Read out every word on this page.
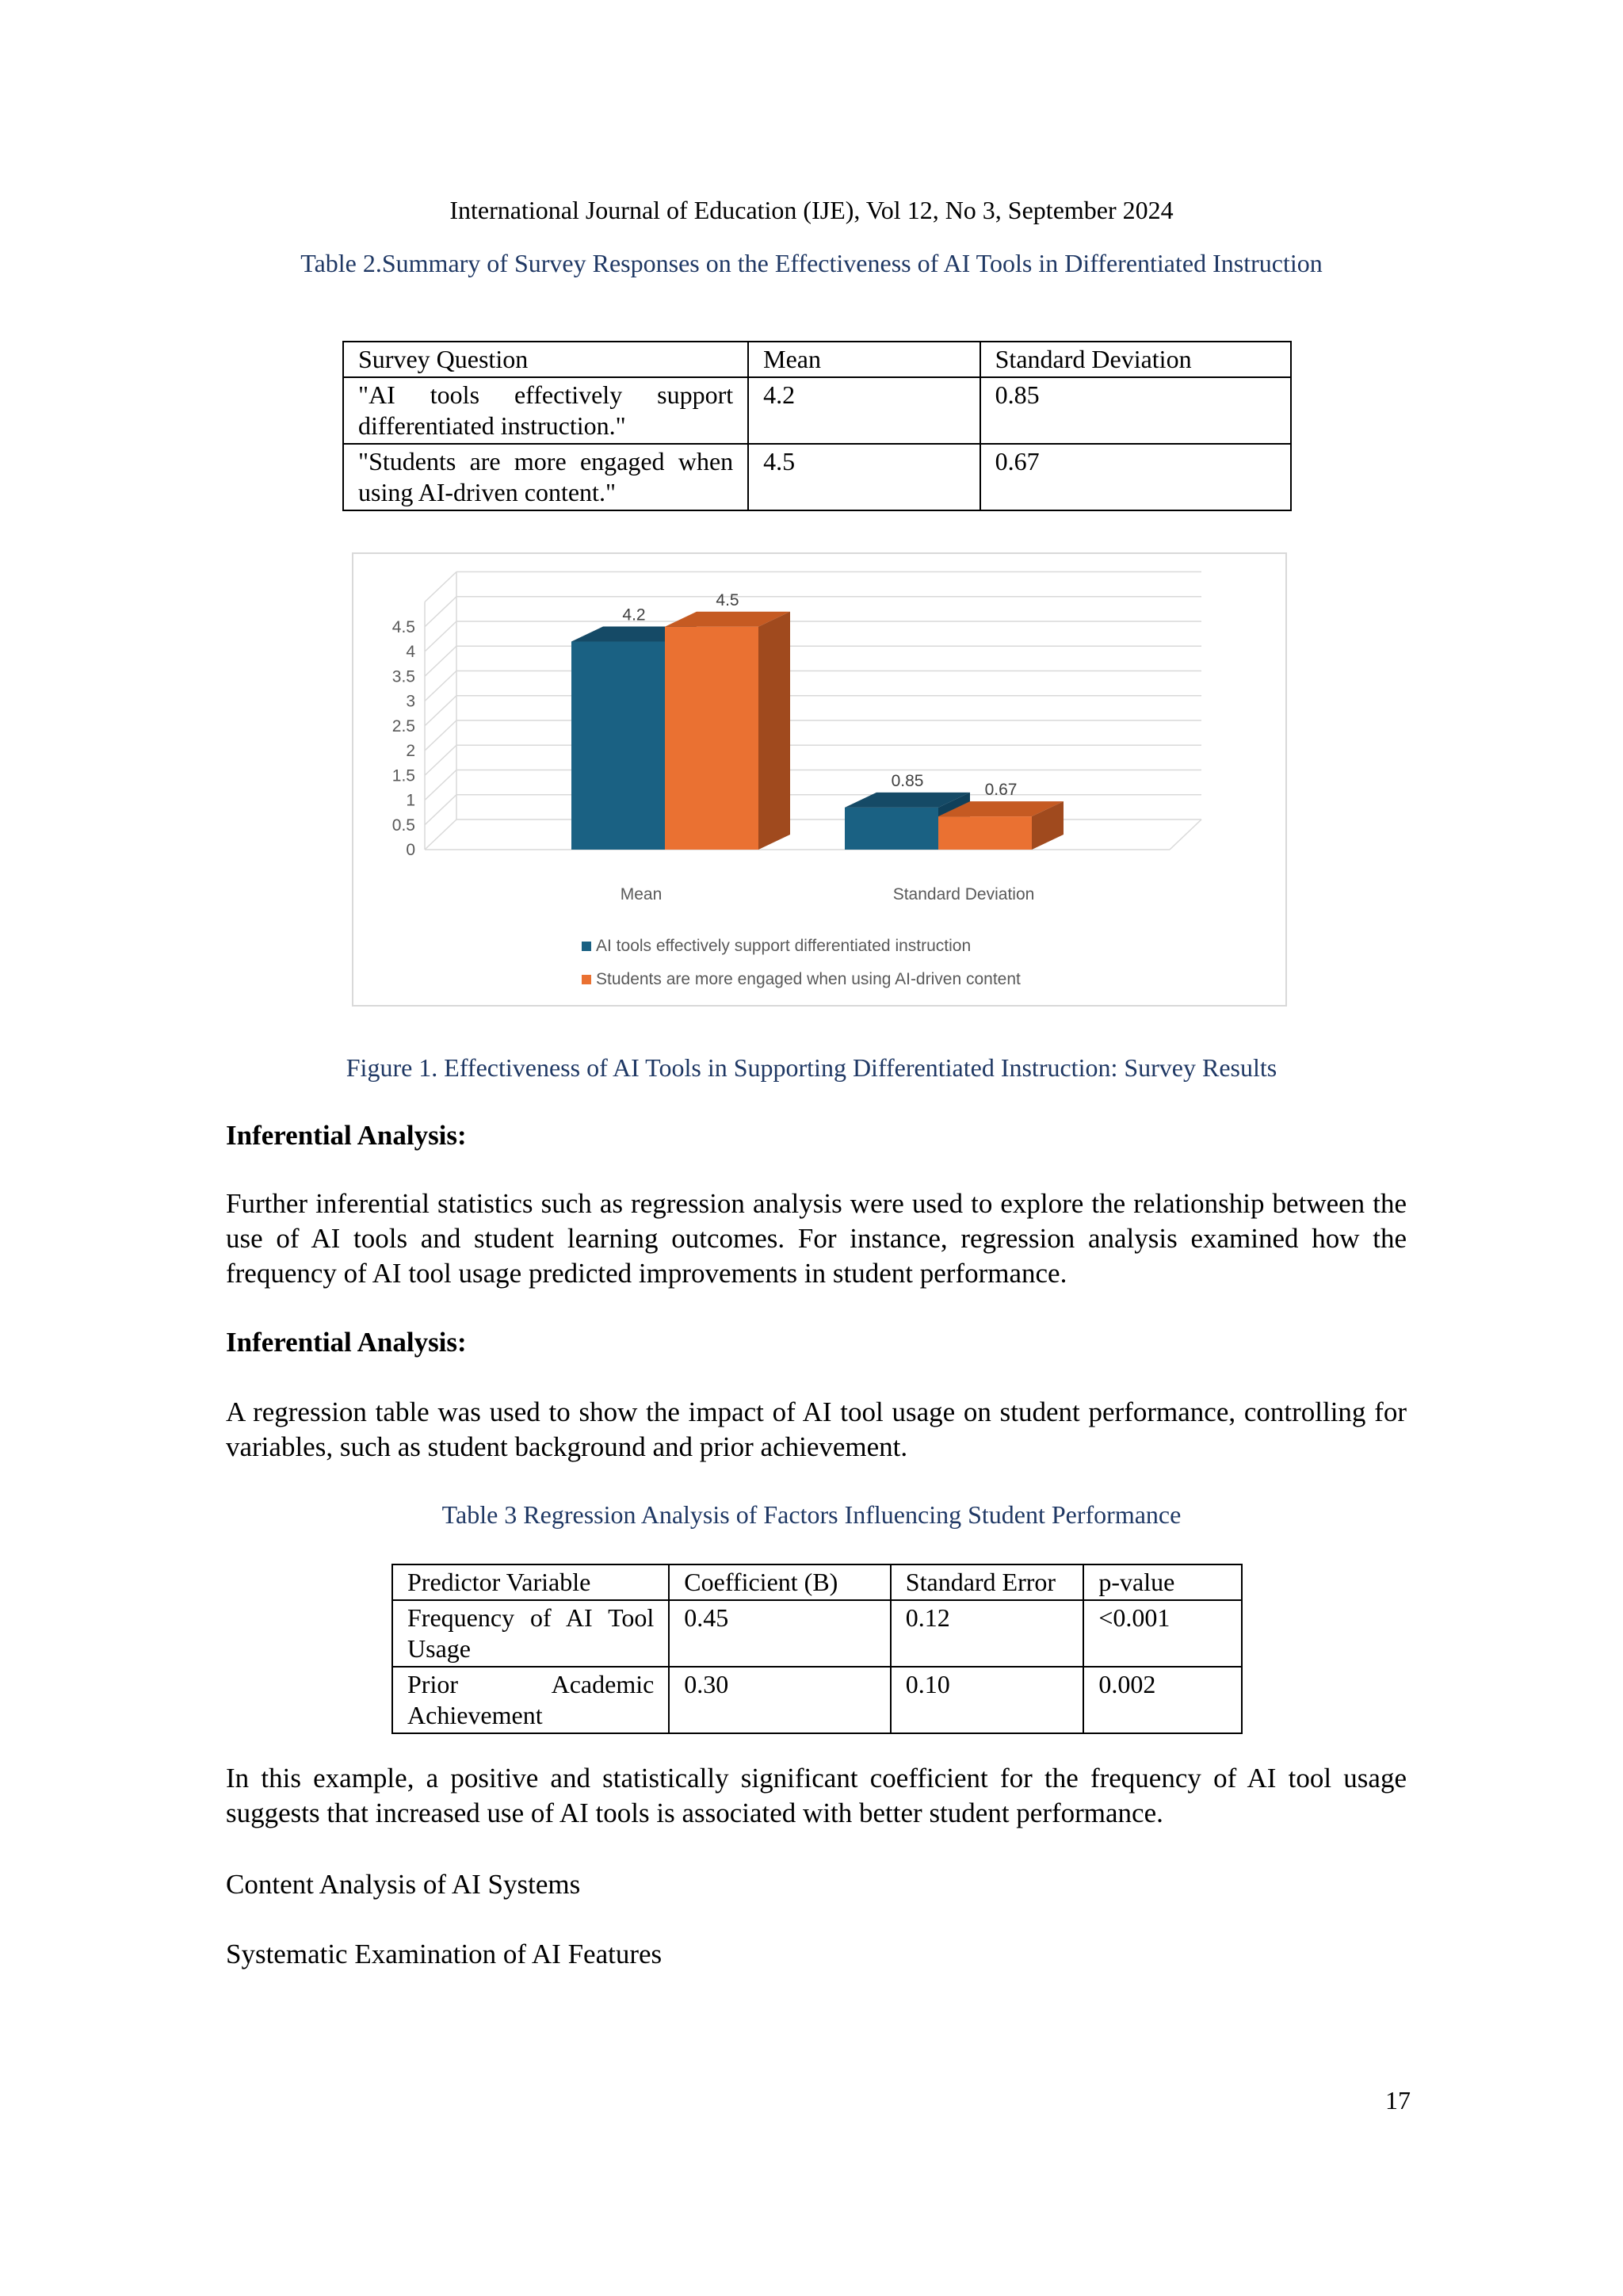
International Journal of Education (IJE), Vol 12, No 3, September 2024
Table 2.Summary of Survey Responses on the Effectiveness of AI Tools in Differentiated Instruction
Survey Question	Mean	Standard Deviation

"AI tools effectively support
differentiated instruction."	4.2	0.85

"Students are more engaged when
using AI-driven content."	4.5	0.67
0
0.5
1
1.5
2
2.5
3
3.5
4
4.5
4.2
0.85
4.5
0.67
Mean	Standard Deviation
AI tools effectively support differentiated instruction
Students are more engaged when using AI-driven content
Figure 1. Effectiveness of AI Tools in Supporting Differentiated Instruction: Survey Results
Inferential Analysis:
Further inferential statistics such as regression analysis were used to explore the relationship between the use of AI tools and student learning outcomes. For instance, regression analysis examined how the frequency of AI tool usage predicted improvements in student performance.
Inferential Analysis:
A regression table was used to show the impact of AI tool usage on student performance, controlling for variables, such as student background and prior achievement.
Table 3 Regression Analysis of Factors Influencing Student Performance
Predictor Variable	Coefficient (B)	Standard Error	p-value

Frequency of AI Tool
Usage	0.45	0.12	<0.001

Prior Academic
Achievement	0.30	0.10	0.002
In this example, a positive and statistically significant coefficient for the frequency of AI tool usage suggests that increased use of AI tools is associated with better student performance.
Content Analysis of AI Systems
Systematic Examination of AI Features
17
